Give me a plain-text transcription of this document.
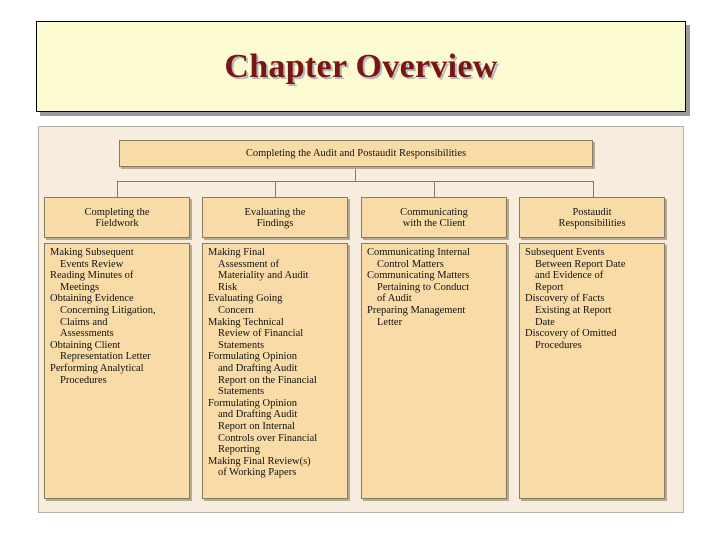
Chapter Overview
Completing the Audit and Postaudit Responsibilities
Completing the
Fieldwork

Making Subsequent
Events Review

Reading Minutes of
Meetings

Obtaining Evidence
Concerning Litigation,
Claims and
Assessments

Obtaining Client
Representation Letter

Performing Analytical
Procedures

Evaluating the
Findings

Making Final
Assessment of
Materiality and Audit
Risk

Evaluating Going
Concern

Making Technical
Review of Financial
Statements

Formulating Opinion
and Drafting Audit
Report on the Financial
Statements

Formulating Opinion
and Drafting Audit
Report on Internal
Controls over Financial
Reporting

Making Final Review(s)
of Working Papers

Communicating
with the Client

Communicating Internal
Control Matters

Communicating Matters
Pertaining to Conduct
of Audit

Preparing Management
Letter

Postaudit
Responsibilities

Subsequent Events
Between Report Date
and Evidence of
Report

Discovery of Facts
Existing at Report
Date

Discovery of Omitted
Procedures
